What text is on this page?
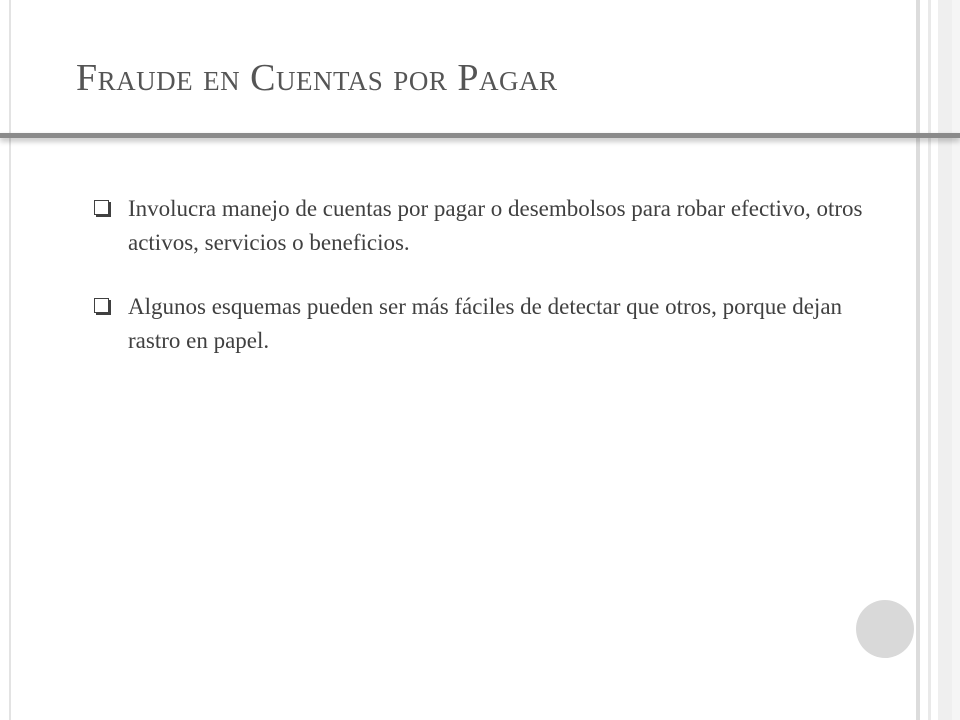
Fraude en Cuentas por Pagar
Involucra manejo de cuentas por pagar o desembolsos para robar efectivo, otros activos, servicios o beneficios.
Algunos esquemas pueden ser más fáciles de detectar que otros, porque dejan rastro en papel.
